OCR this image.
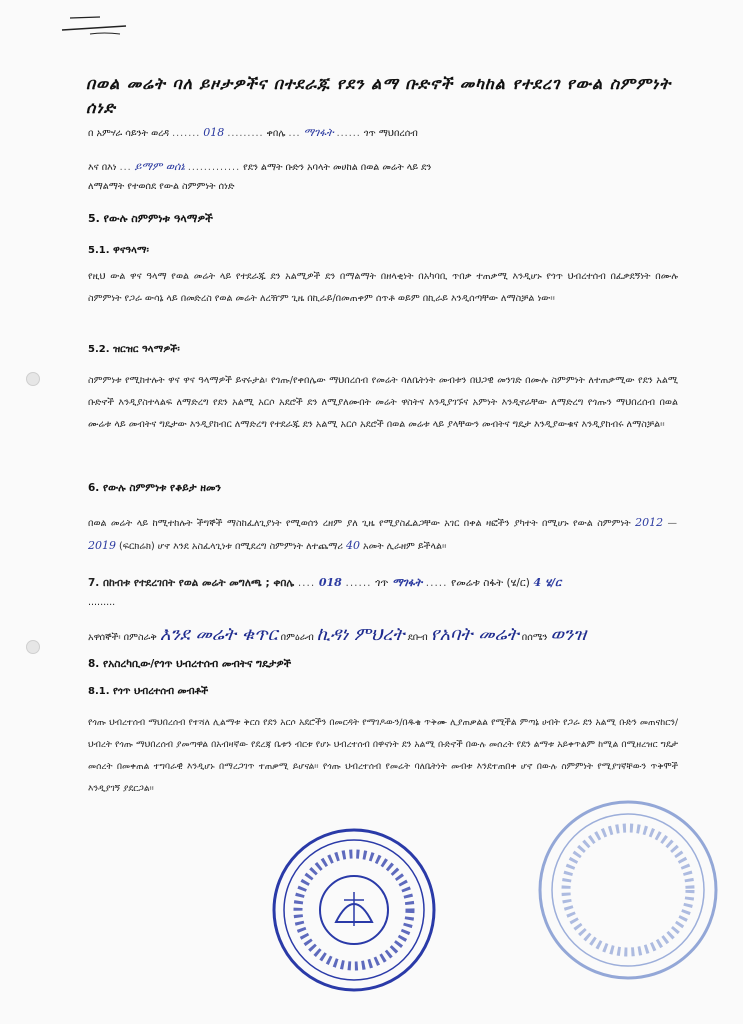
በወል መሬት ባለ ይዞታዎችና በተደራጁ የደን ልማ ቡድኖች መካከል የተደረገ የውል ስምምነት ሰነድ
በ አምሃራ ሳይንት ወረዳ ....... 018 ......... ቀበሌ ... ማገፋት ...... ጎጥ ማህበረሰብ
እና በእነ ... ይማም ወሰኔ ............. የደን ልማት ቡድን አባላት መሀከል በወል መሬት ላይ ደን
ለማልማት የተወሰደ የውል ስምምነት ሰነድ
5. የውሉ ስምምነቱ ዓላማዎች
5.1. ዋናዓላማ፡
የዚህ ውል ዋና ዓላማ የወል መሬት ላይ የተደራጁ ደን አልሚዎች ደን በማልማት በዘላቂነት በአካባቢ ጥበቃ ተጠቃሚ እንዲሆኑ የጎጥ ህብረተሰብ በፈቃደኝነት በሙሉ ስምምነት የጋራ ውሳኔ ላይ በመድረስ የወል መሬት ለረዥም ጊዜ በኪራይ/በመጠቀም ሰጥቶ ወይም በኪራይ እንዲሰጣቸው ለማስቻል ነው፡፡
5.2. ዝርዝር ዓላማዎች፡
ስምምነቱ የሚከተሉት ዋና ዋና ዓላማዎች ይኖሩታል፡ የጎጡ/የቀበሌው ማህበረሰብ የመሬት ባለቤትነት መብቱን በህጋዊ መንገድ በሙሉ ስምምነት ለተጠቃሚው የደን አልሚ ቡድኖች እንዲያስተላልፍ ለማድረግ የደን አልሚ አርሶ አደሮች ደን ለሚያለሙበት መሬት ዋስትና እንዲያገኙና አምነት እንዲኖራቸው ለማድረግ የጎጡን ማህበረሰብ በወል ሙሬቱ ላይ መብትና ግዴታው እንዲያከብር ለማድረግ የተደራጁ ደን አልሚ አርሶ አደሮች በወል መሬቱ ላይ ያላቸውን መብትና ግዴታ እንዲያውቁና እንዲያከብሩ ለማስቻል፡፡
6. የውሉ ስምምነቱ የቆይታ ዘመን
በወል መሬት ላይ ከሚተከሉት ችግኞች ማስከፈለጊያነት የሚወሰን ረዘም ያለ ጊዜ የሚያስፈልጋቸው አገር በቀል ዛፎችን ያካተት በሚሆኑ የውል ስምምነት 2012 — 2019 (ፍርክሬክ) ሆኖ እንደ አስፈላጊነቱ በሚደረግ ስምምነት ለተጨማሪ 40 አመት ሊራዘም ይችላል፡፡
7. በከብቱ የተደረገበት የወል መሬት መግለጫ ; ቀበሌ .... 018 ...... ጎጥ ማገፋት ..... የመሬቱ ስፋት (ሄ/ር) 4 ሄ/ር
.........
አዋሰኞች፡ በምስራቅ እንደ መሬት ቁጥር በምዕራብ ኪዳነ ምህረት ደቡብ የአባት መሬት በሰሜን ወንዝ
8. የአስረካቢው/የጎጥ ህብረተሰብ መብትና ግዴታዎች
8.1. የጎጥ ህብረተሰብ መብቶች
የጎጡ ህብረተሰብ ማህበረሰብ የተሻለ ሊልማቱ ቅርስ የደን አርሶ አደሮችን በመርዳት የማገዶውን/በዱቄ ጥቅሙ ሊያጠቃልል የሚችል ምጣኔ ሀብት የጋራ ደን አልሚ ቡድን መጠናከርን/ ህብረት የጎጡ ማህበረሰብ ያመጣዋል በአብዛኛው የደረጃ ቤቱን ብርቱ የሆኑ ህብረተሰብ በዋናነት ደን አልሚ ቡድኖች በውሉ መሰረት የደን ልማቱ አይቀጥልም ከሚል በሚዘረዝር ግዴታ መሰረት በመቀጠል ተግባራዊ እንዲሆኑ በማረጋገጥ ተጠቃሚ ይሆናል፡፡ የጎጡ ህብረተሰብ የመሬት ባለቤትነት መብቱ እንደተጠበቀ ሆኖ በውሉ ስምምነት የሚያገኛቸውን ጥቅሞች እንዲያገኝ ያደርጋል፡፡
